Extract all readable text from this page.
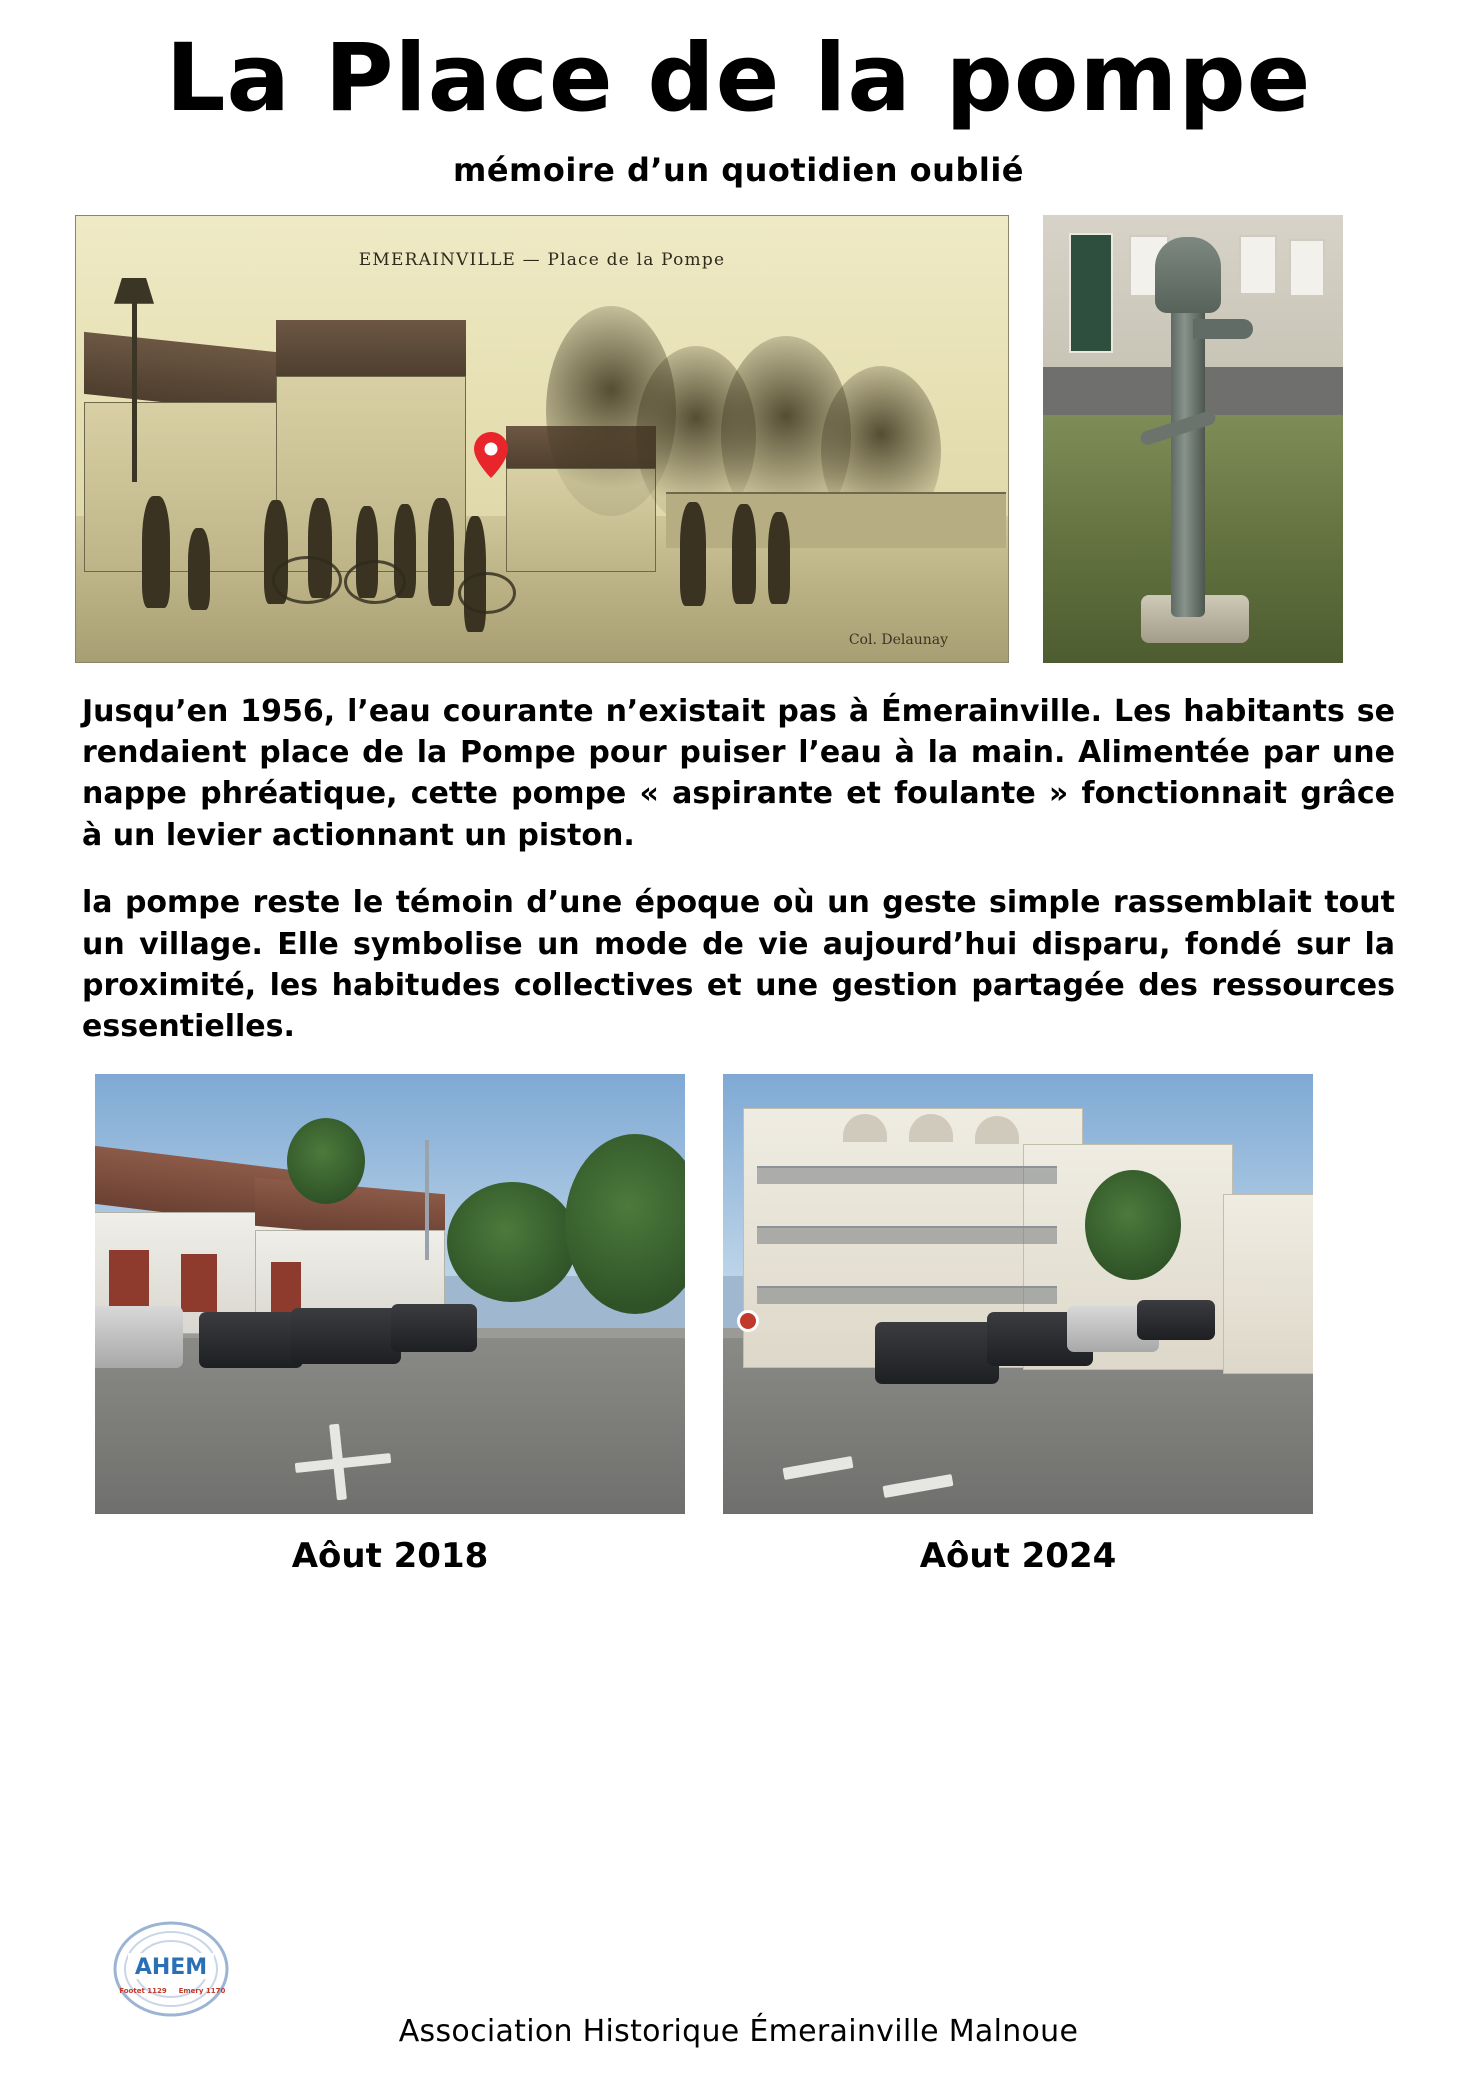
La Place de la pompe
mémoire d’un quotidien oublié
EMERAINVILLE — Place de la Pompe
Col. Delaunay

Jusqu’en 1956, l’eau courante n’existait pas à Émerainville. Les habitants se rendaient place de la Pompe pour puiser l’eau à la main. Alimentée par une nappe phréatique, cette pompe « aspirante et foulante » fonctionnait grâce à un levier actionnant un piston.

la pompe reste le témoin d’une époque où un geste simple rassemblait tout un village. Elle symbolise un mode de vie aujourd’hui disparu, fondé sur la proximité, les habitudes collectives et une gestion partagée des ressources essentielles.

Aôut 2018	Aôut 2024
AHEM
Footet 1129 Emery 1170
Association Historique Émerainville Malnoue
